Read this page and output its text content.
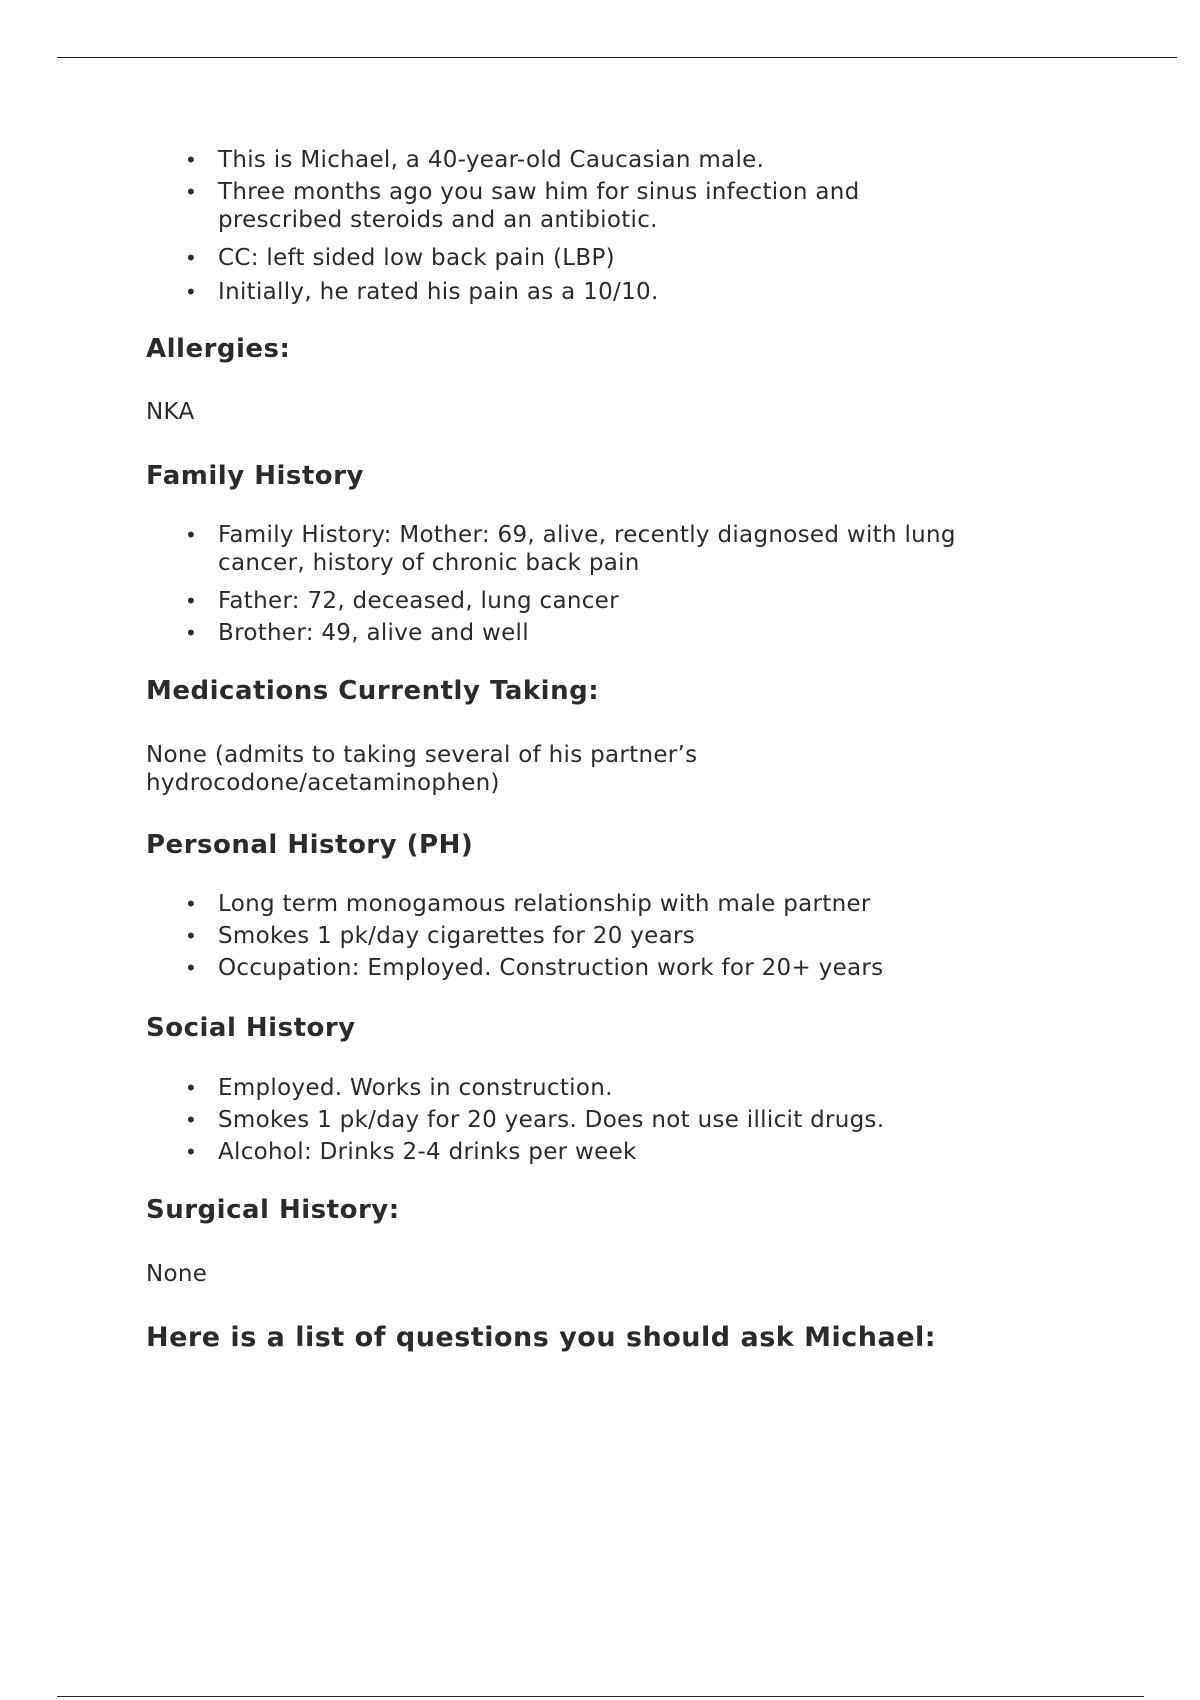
• This is Michael, a 40-year-old Caucasian male.
• Three months ago you saw him for sinus infection and prescribed steroids and an antibiotic.
• CC: left sided low back pain (LBP)
• Initially, he rated his pain as a 10/10.
Allergies:

NKA

Family History
• Family History: Mother: 69, alive, recently diagnosed with lung cancer, history of chronic back pain
• Father: 72, deceased, lung cancer
• Brother: 49, alive and well
Medications Currently Taking:

None (admits to taking several of his partner’s

hydrocodone/acetaminophen)

Personal History (PH)
• Long term monogamous relationship with male partner
• Smokes 1 pk/day cigarettes for 20 years
• Occupation: Employed. Construction work for 20+ years
Social History
• Employed. Works in construction.
• Smokes 1 pk/day for 20 years. Does not use illicit drugs.
• Alcohol: Drinks 2-4 drinks per week
Surgical History:

None

Here is a list of questions you should ask Michael:
